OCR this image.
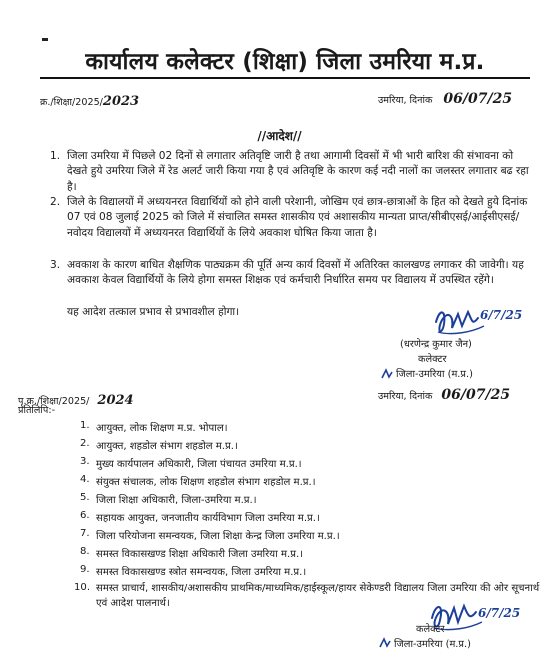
कार्यालय कलेक्टर (शिक्षा) जिला उमरिया म.प्र.
क्र./शिक्षा/2025/2023	उमरिया, दिनांक 06/07/25
//आदेश//
1. जिला उमरिया में पिछले 02 दिनों से लगातार अतिवृष्टि जारी है तथा आगामी दिवसों में भी भारी बारिश की संभावना को देखते हुये उमरिया जिले में रेड अलर्ट जारी किया गया है एवं अतिवृष्टि के कारण कई नदी नालों का जलस्तर लगातार बढ रहा है।
2. जिले के विद्यालयों में अध्ययनरत विद्यार्थियों को होने वाली परेशानी, जोखिम एवं छात्र-छात्राओं के हित को देखते हुये दिनांक 07 एवं 08 जुलाई 2025 को जिले में संचालित समस्त शासकीय एवं अशासकीय मान्यता प्राप्त/सीबीएसई/आईसीएसई/नवोदय विद्यालयों में अध्ययनरत विद्यार्थियों के लिये अवकाश घोषित किया जाता है।
3. अवकाश के कारण बाधित शैक्षणिक पाठ्यक्रम की पूर्ति अन्य कार्य दिवसों में अतिरिक्त कालखण्ड लगाकर की जावेगी। यह अवकाश केवल विद्यार्थियों के लिये होगा समस्त शिक्षक एवं कर्मचारी निर्धारित समय पर विद्यालय में उपस्थित रहेंगे।
यह आदेश तत्काल प्रभाव से प्रभावशील होगा।	6/7/25
(धरणेन्द्र कुमार जैन)
कलेक्टर
जिला-उमरिया (म.प्र.)
उमरिया, दिनांक 06/07/25
पृ.क्र./शिक्षा/2025/ 2024
प्रतिलिपि:-
1. आयुक्त, लोक शिक्षण म.प्र. भोपाल।
2. आयुक्त, शहडोल संभाग शहडोल म.प्र.।
3. मुख्य कार्यपालन अधिकारी, जिला पंचायत उमरिया म.प्र.।
4. संयुक्त संचालक, लोक शिक्षण शहडोल संभाग शहडोल म.प्र.।
5. जिला शिक्षा अधिकारी, जिला-उमरिया म.प्र.।
6. सहायक आयुक्त, जनजातीय कार्यविभाग जिला उमरिया म.प्र.।
7. जिला परियोजना समन्वयक, जिला शिक्षा केन्द्र जिला उमरिया म.प्र.।
8. समस्त विकासखण्ड शिक्षा अधिकारी जिला उमरिया म.प्र.।
9. समस्त विकासखण्ड स्त्रोत समन्वयक, जिला उमरिया म.प्र.।
10. समस्त प्राचार्य, शासकीय/अशासकीय प्राथमिक/माध्यमिक/हाईस्कूल/हायर सेकेण्डरी विद्यालय जिला उमरिया की ओर सूचनार्थ एवं आदेश पालनार्थ।
6/7/25
कलेक्टर
जिला-उमरिया (म.प्र.)
